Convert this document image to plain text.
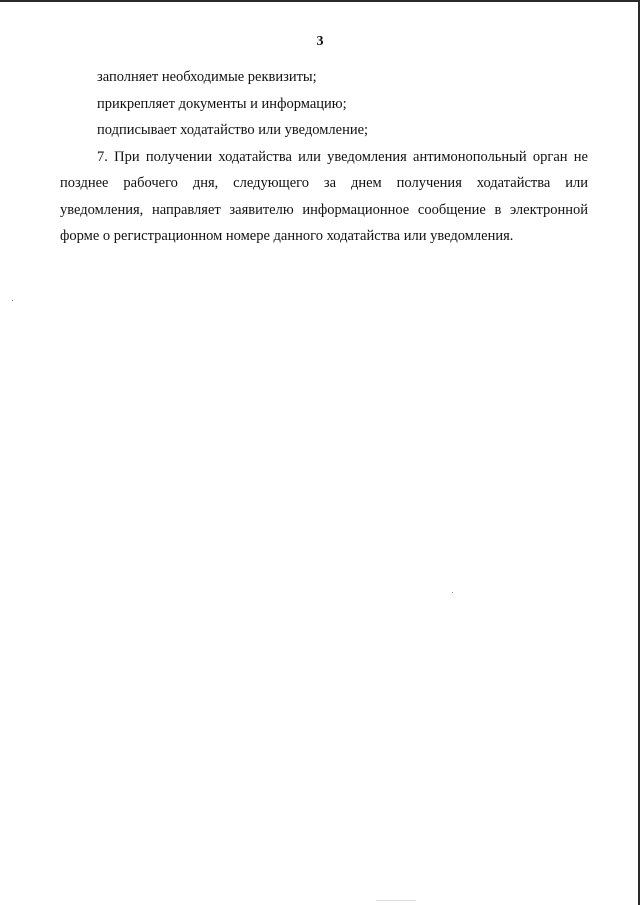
3
заполняет необходимые реквизиты;
прикрепляет документы и информацию;
подписывает ходатайство или уведомление;
7. При получении ходатайства или уведомления антимонопольный орган не
позднее рабочего дня, следующего за днем получения ходатайства или
уведомления, направляет заявителю информационное сообщение в электронной
форме о регистрационном номере данного ходатайства или уведомления.
